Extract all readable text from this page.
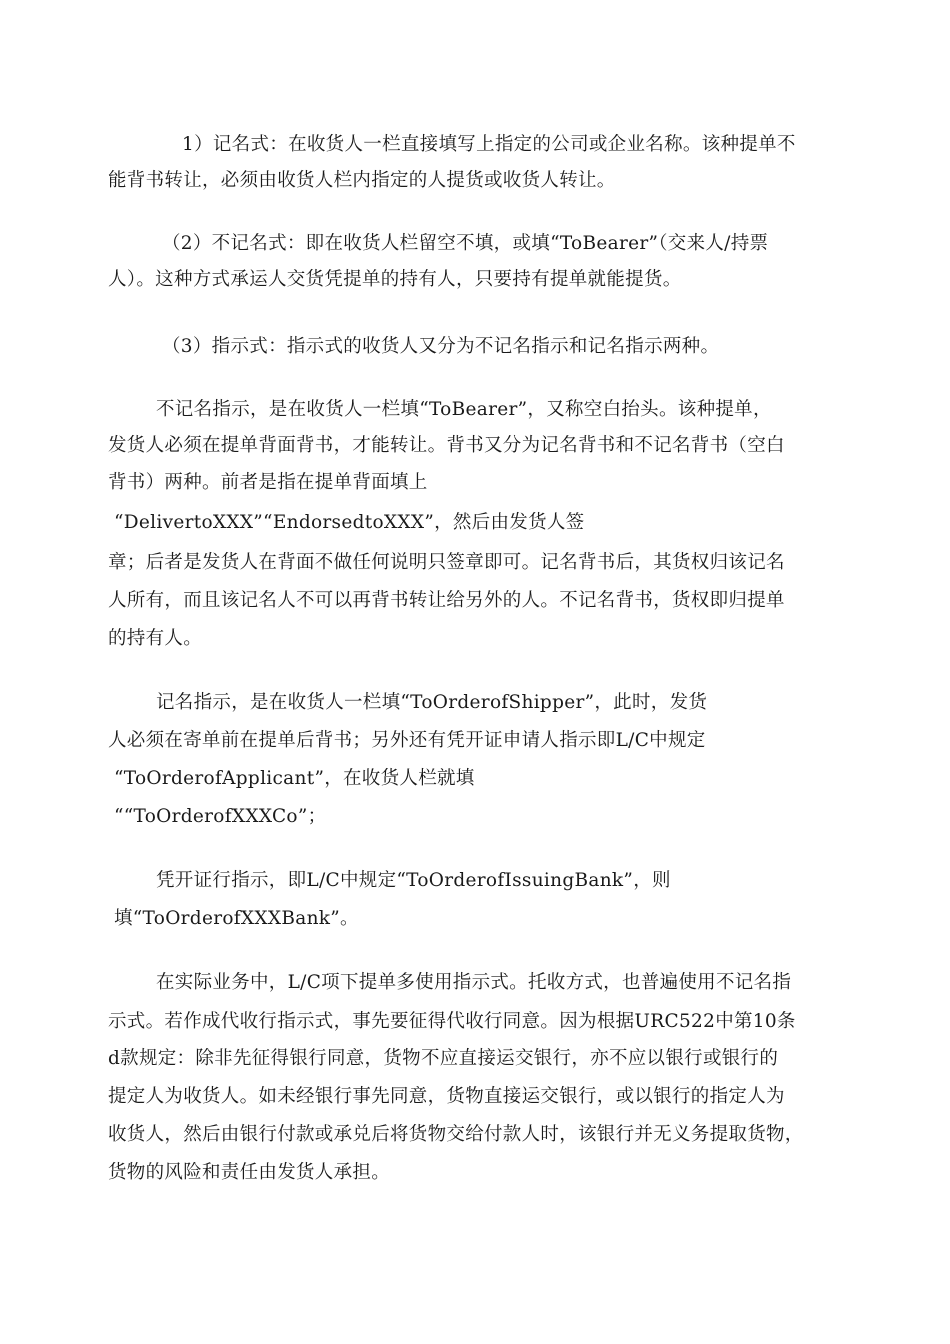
1）记名式：在收货人一栏直接填写上指定的公司或企业名称。该种提单不
能背书转让，必须由收货人栏内指定的人提货或收货人转让。
（2）不记名式：即在收货人栏留空不填，或填“ToBearer”（交来人/持票
人）。这种方式承运人交货凭提单的持有人，只要持有提单就能提货。
（3）指示式：指示式的收货人又分为不记名指示和记名指示两种。
不记名指示，是在收货人一栏填“ToBearer”，又称空白抬头。该种提单，
发货人必须在提单背面背书，才能转让。背书又分为记名背书和不记名背书（空白
背书）两种。前者是指在提单背面填上
“DelivertoXXX”“EndorsedtoXXX”，然后由发货人签
章；后者是发货人在背面不做任何说明只签章即可。记名背书后，其货权归该记名
人所有，而且该记名人不可以再背书转让给另外的人。不记名背书，货权即归提单
的持有人。
记名指示，是在收货人一栏填“ToOrderofShipper”，此时，发货
人必须在寄单前在提单后背书；另外还有凭开证申请人指示即L/C中规定
“ToOrderofApplicant”，在收货人栏就填
““ToOrderofXXXCo”；
凭开证行指示，即L/C中规定“ToOrderofIssuingBank”，则
填“ToOrderofXXXBank”。
在实际业务中，L/C项下提单多使用指示式。托收方式，也普遍使用不记名指
示式。若作成代收行指示式，事先要征得代收行同意。因为根据URC522中第10条
d款规定：除非先征得银行同意，货物不应直接运交银行，亦不应以银行或银行的
提定人为收货人。如未经银行事先同意，货物直接运交银行，或以银行的指定人为
收货人，然后由银行付款或承兑后将货物交给付款人时，该银行并无义务提取货物，
货物的风险和责任由发货人承担。
